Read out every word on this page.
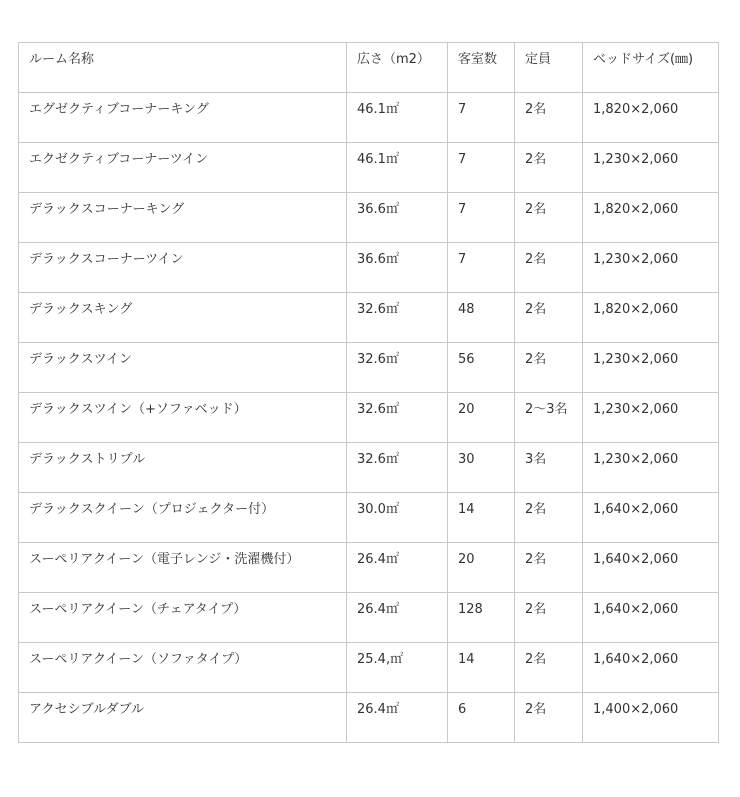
ルーム名称	広さ（m2）	客室数	定員	ベッドサイズ(㎜)
エグゼクティブコーナーキング	46.1㎡	7	2名	1,820×2,060
エクゼクティブコーナーツイン	46.1㎡	7	2名	1,230×2,060
デラックスコーナーキング	36.6㎡	7	2名	1,820×2,060
デラックスコーナーツイン	36.6㎡	7	2名	1,230×2,060
デラックスキング	32.6㎡	48	2名	1,820×2,060
デラックスツイン	32.6㎡	56	2名	1,230×2,060
デラックスツイン（+ソファベッド）	32.6㎡	20	2〜3名	1,230×2,060
デラックストリプル	32.6㎡	30	3名	1,230×2,060
デラックスクイーン（プロジェクター付）	30.0㎡	14	2名	1,640×2,060
スーペリアクイーン（電子レンジ・洗濯機付）	26.4㎡	20	2名	1,640×2,060
スーペリアクイーン（チェアタイプ）	26.4㎡	128	2名	1,640×2,060
スーペリアクイーン（ソファタイプ）	25.4,㎡	14	2名	1,640×2,060
アクセシブルダブル	26.4㎡	6	2名	1,400×2,060
